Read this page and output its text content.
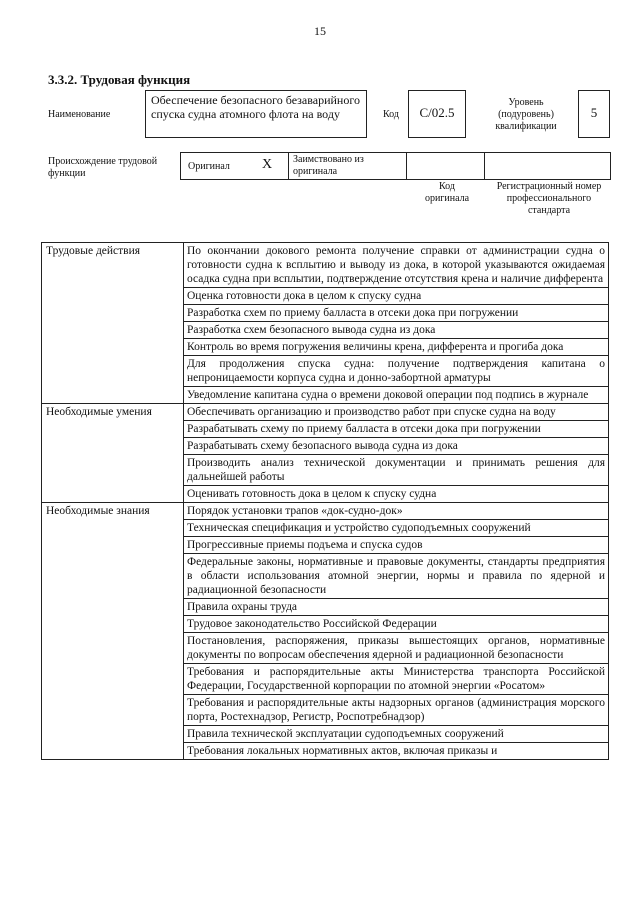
15
3.3.2. Трудовая функция
Наименование
Обеспечение безопасного безаварийного спуска судна атомного флота на воду	Код	C/02.5
Уровень (подуровень) квалификации
5
Происхождение трудовой функции
Оригинал X Заимствовано из оригинала
Код оригинала
Регистрационный номер профессионального стандарта
Трудовые действия	По окончании докового ремонта получение справки от администрации судна о готовности судна к всплытию и выводу из дока, в которой указываются ожидаемая осадка судна при всплытии, подтверждение отсутствия крена и наличие дифферента
	Оценка готовности дока в целом к спуску судна
	Разработка схем по приему балласта в отсеки дока при погружении
	Разработка схем безопасного вывода судна из дока
	Контроль во время погружения величины крена, дифферента и прогиба дока
	Для продолжения спуска судна: получение подтверждения капитана о непроницаемости корпуса судна и донно-забортной арматуры
	Уведомление капитана судна о времени доковой операции под подпись в журнале
Необходимые умения	Обеспечивать организацию и производство работ при спуске судна на воду
	Разрабатывать схему по приему балласта в отсеки дока при погружении
	Разрабатывать схему безопасного вывода судна из дока
	Производить анализ технической документации и принимать решения для дальнейшей работы
	Оценивать готовность дока в целом к спуску судна
Необходимые знания	Порядок установки трапов «док-судно-док»
	Техническая спецификация и устройство судоподъемных сооружений
	Прогрессивные приемы подъема и спуска судов
	Федеральные законы, нормативные и правовые документы, стандарты предприятия в области использования атомной энергии, нормы и правила по ядерной и радиационной безопасности
	Правила охраны труда
	Трудовое законодательство Российской Федерации
	Постановления, распоряжения, приказы вышестоящих органов, нормативные документы по вопросам обеспечения ядерной и радиационной безопасности
	Требования и распорядительные акты Министерства транспорта Российской Федерации, Государственной корпорации по атомной энергии «Росатом»
	Требования и распорядительные акты надзорных органов (администрация морского порта, Ростехнадзор, Регистр, Роспотребнадзор)
	Правила технической эксплуатации судоподъемных сооружений
	Требования локальных нормативных актов, включая приказы и
